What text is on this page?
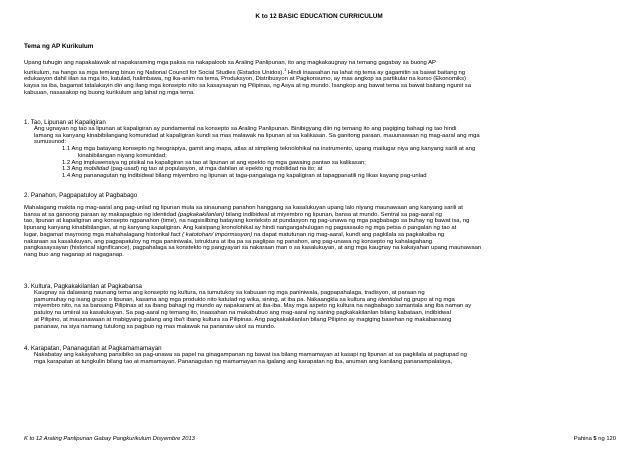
K to 12 BASIC EDUCATION CURRICULUM
Tema ng AP Kurikulum

Upang tuhugin ang napakalawak at napakaraming mga paksa na nakapaloob sa Araling Panlipunan, ito ang magkakaugnay na temang gagabay sa buong AP

kurikulum, na hango sa mga temang binuo ng National Council for Social Studies (Estados Unidos).$^1$ Hindi inaasahan na lahat ng tema ay gagamitin sa bawat baitang ng

edukasyon dahil iilan sa mga ito, katulad, halimbawa, ng ika-anim na tema, Produksyon, Distribusyon at Pagkonsumo, ay mas angkop sa partikular na kurso (Ekonomiks)

kaysa sa iba, bagamat tatalakayin din ang ilang mga konsepto nito sa kasaysayan ng Pilipinas, ng Asya at ng mundo. Isangkop ang bawat tema sa bawat baitang ngunit sa

kabuuan, nasasakop ng buong kurikulum ang lahat ng mga tema.

1. Tao, Lipunan at Kapaligiran

Ang ugnayan ng tao sa lipunan at kapaligiran ay pundamental na konsepto sa Araling Panlipunan. Binibigyang diin ng temang ito ang pagiging bahagi ng tao hindi

lamang sa kanyang kinabibilangang komunidad at kapaligiran kundi sa mas malawak na lipunan at sa kalikasan. Sa ganitong paraan, mauunawaan ng mag-aaral ang mga

sumusunod:

1.1 Ang mga batayang konsepto ng heograpiya, gamit ang mapa, atlas at simpleng teknolohikal na instrumento, upang mailugar niya ang kanyang sarili at ang

kinabibilangan niyang komunidad;

1.2 Ang impluwensiya ng pisikal na kapaligiran sa tao at lipunan at ang epekto ng mga gawaing pantao sa kalikasan;

1.3 Ang mobilidad (pag-usad) ng tao at populasyon, at mga dahilan at epekto ng mobilidad na ito; at

1.4 Ang pananagutan ng indibidwal bilang miyembro ng lipunan at taga-pangalaga ng kapaligiran at tapagpanatili ng likas kayang pag-unlad

2. Panahon, Pagpapatuloy at Pagbabago

Mahalagang makita ng mag-aaral ang pag-unlad ng lipunan mula sa sinaunang panahon hanggang sa kasalukuyan upang lalo niyang maunawaan ang kanyang sarili at

bansa at sa ganoong paraan ay makapagbuo ng identidad (pagkakakilanlan) bilang indibidwal at miyembro ng lipunan, bansa at mundo. Sentral sa pag-aaral ng

tao, lipunan at kapaligiran ang konsepto ngpanahon (time), na nagsisilbing batayang konteksto at pundasyon ng pag-unawa ng mga pagbabago sa buhay ng bawat isa, ng

lipunang kanyang kinabibilangan, at ng kanyang kapaligiran. Ang kaisipang kronolohikal ay hindi nangangahulugan ng pagsasaulo ng mga petsa o pangalan ng tao at

lugar, bagamat mayroong mga mahahalagang historikal fact ( katotohan/ impormasyon) na dapat matutunan ng mag-aaral, kundi ang pagkilala sa pagkakaiba ng

nakaraan sa kasalukuyan, ang pagpapatuloy ng mga paniniwala, istruktura at iba pa sa paglipas ng panahon, ang pag-unawa ng konsepto ng kahalagahang

pangkasaysayan (historical significance), pagpahalaga sa konstekto ng pangyayari sa nakaraan man o sa kasalukuyan, at ang mga kaugnay na kakayahan upang maunawaan

nang buo ang naganap at nagaganap.

3. Kultura, Pagkakakilanlan at Pagkabansa

Kaugnay sa dalawang naunang tema ang konsepto ng kultura, na tumutukoy sa kabuuan ng mga paniniwala, pagpapahalaga, tradisyon, at paraan ng

pamumuhay ng isang grupo o lipunan, kasama ang mga produkto nito katulad ng wika, sining, at iba pa. Nakaangkla sa kultura ang identidad ng grupo at ng mga

miyembro nito, na sa bansang Pilipinas at sa ibang bahagi ng mundo ay napakarami at iba-iba. May mga aspeto ng kultura na nagbabago samantala ang iba naman ay

patuloy na umiiral sa kasalukuyan. Sa pag-aaral ng temang ito, inaasahan na makabubuo ang mag-aaral ng saning pagkakakilanlan bilang kabataan, indibidwal

at Pilipino, at mauunawaan at mabigyang galang ang iba't ibang kultura sa Pilipinas. Ang pagkakakilanlan bilang Pilipino ay magiging basehan ng makabansang

pananaw, na siya namang tutulong sa pagbuo ng mas malawak na pananaw ukol sa mundo.

4. Karapatan, Pananagutan at Pagkamamamayan

Nakabatay ang kakayahang pansibiko sa pag-unawa sa papel na ginagampanan ng bawat isa bilang mamamayan at kasapi ng lipunan at sa pagkilala at pagtupad ng

mga karapatan at tungkulin bilang tao at mamamayan. Pananagutan ng mamamayan na igalang ang karapatan ng iba, anuman ang kanilang pananampalataya,

K to 12 Araling Panlipunan Gabay Pangkurikulum Disyembre 2013	Pahina 5 ng 120
